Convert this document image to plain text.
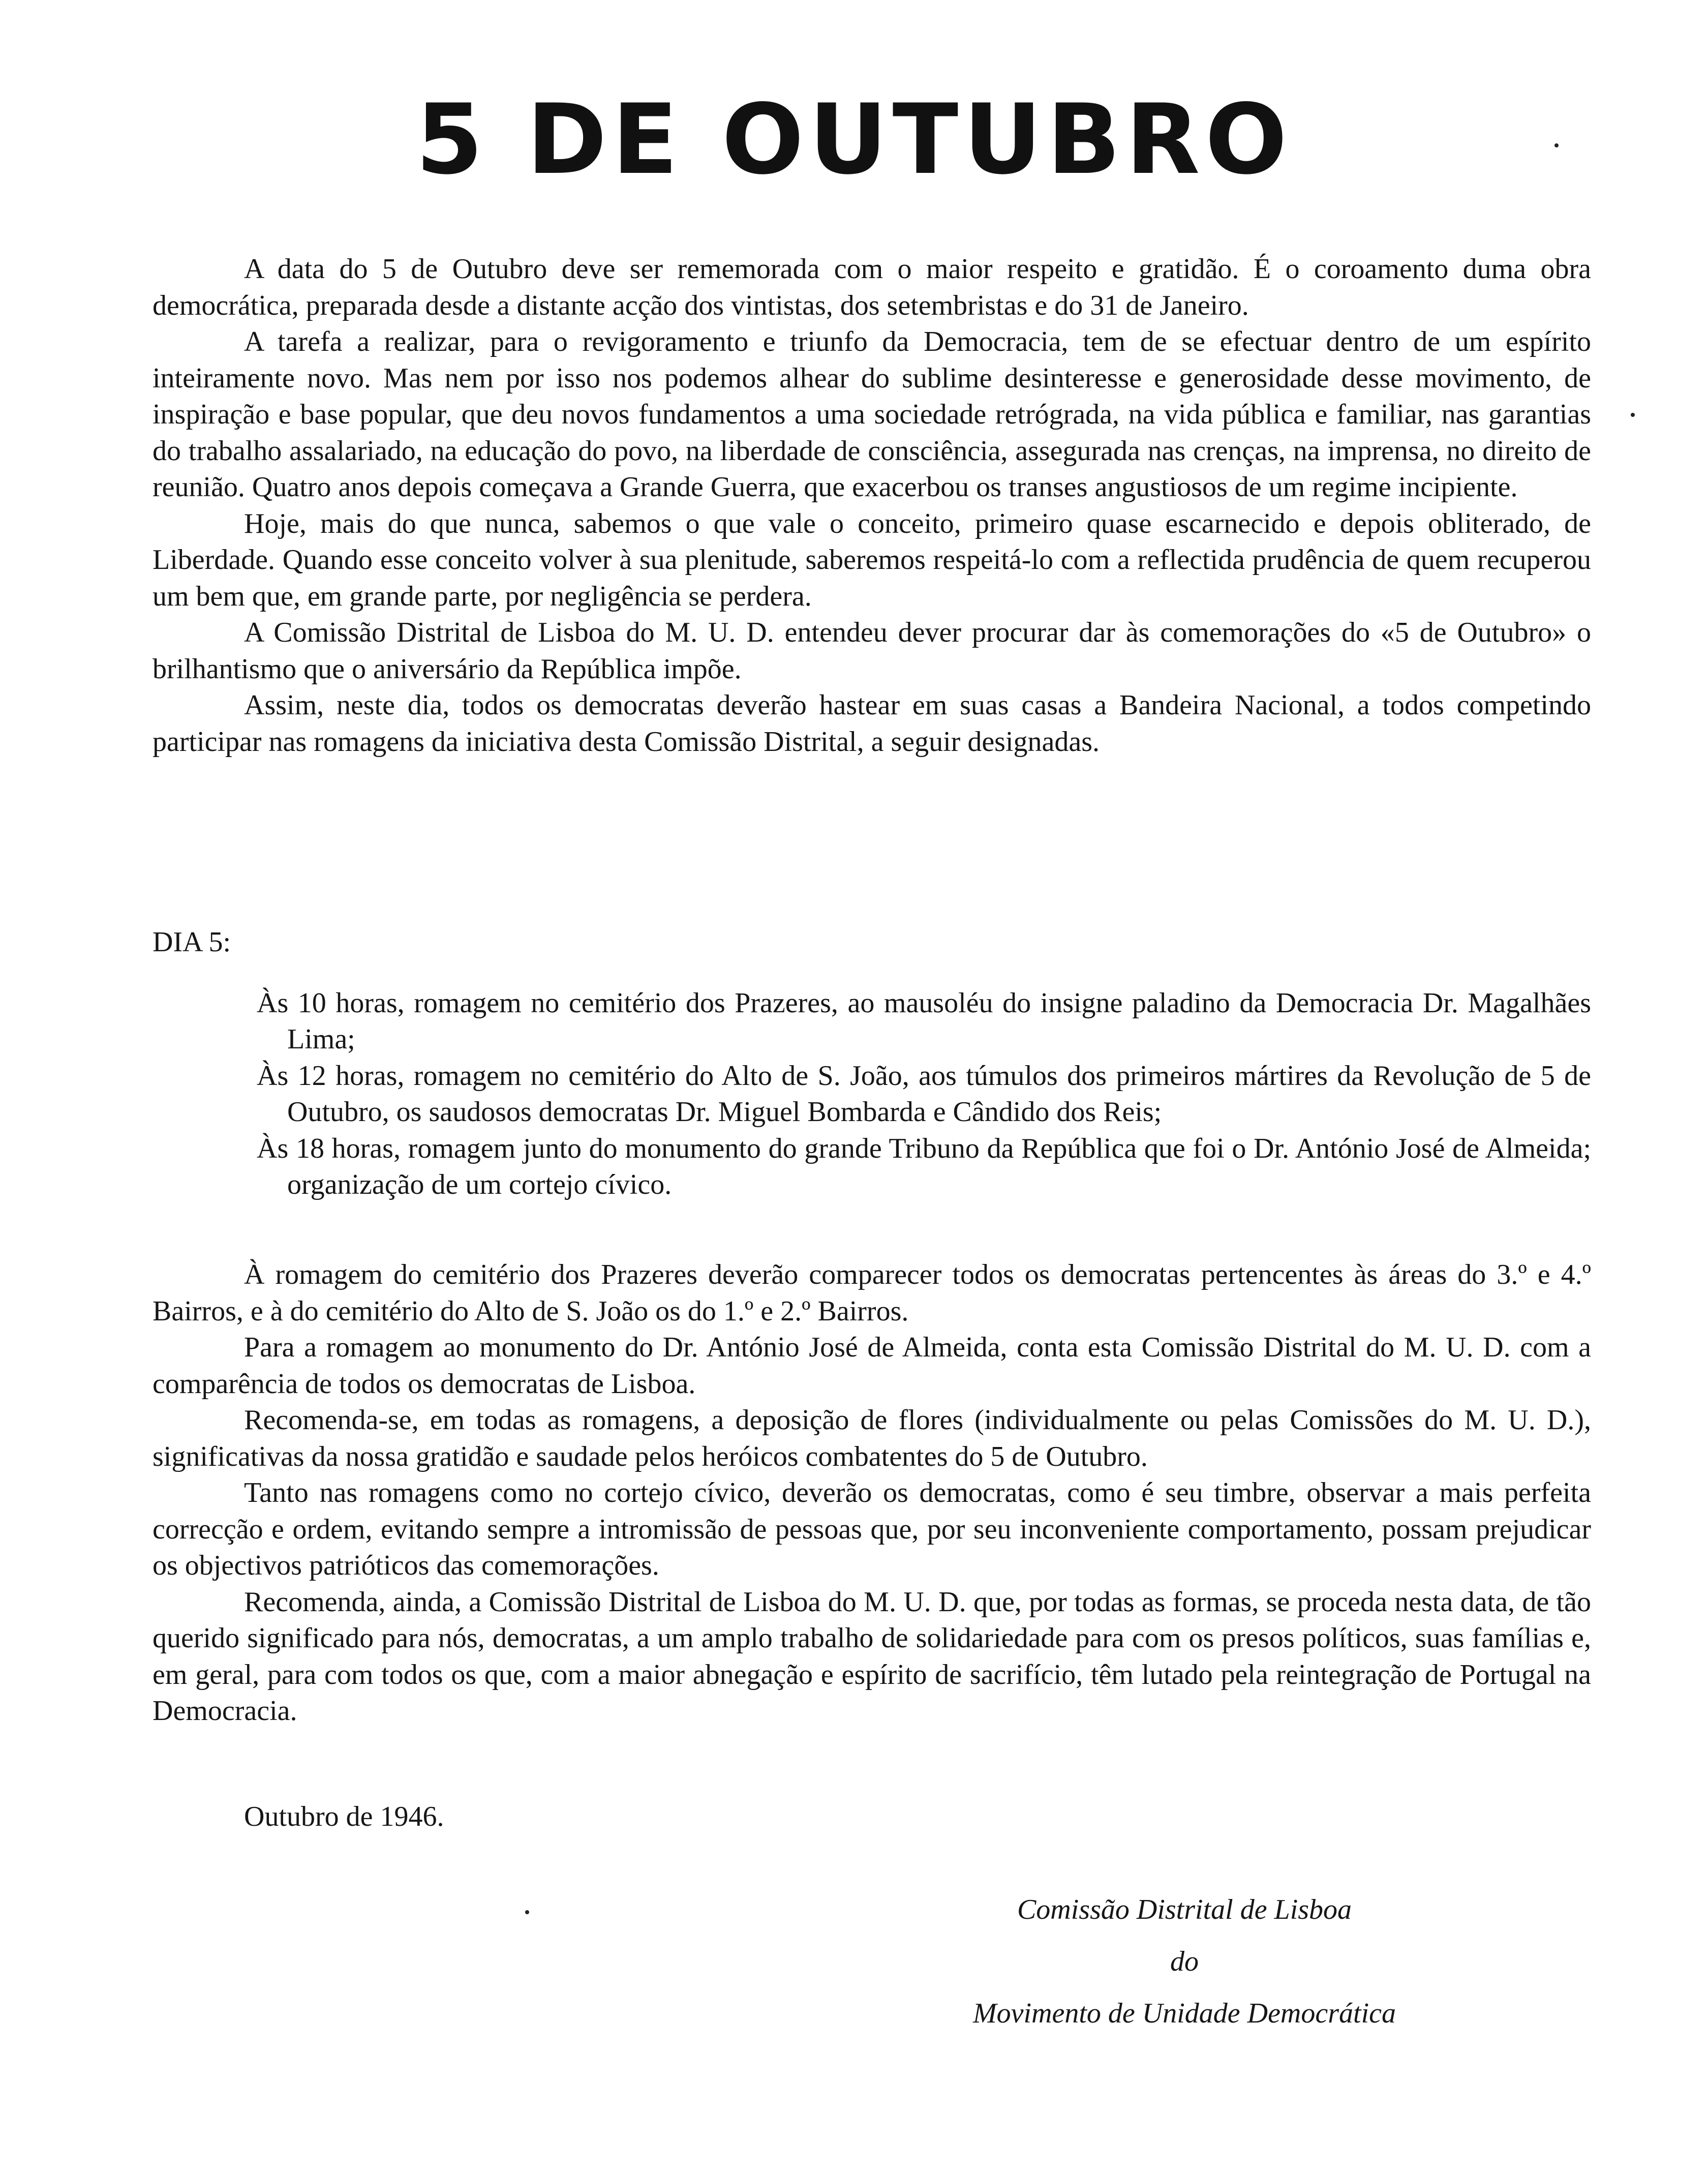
5 DE OUTUBRO

A data do 5 de Outubro deve ser rememorada com o maior respeito e gratidão. É o coroamento duma obra democrática, preparada desde a distante acção dos vintistas, dos setembristas e do 31 de Janeiro.

A tarefa a realizar, para o revigoramento e triunfo da Democracia, tem de se efectuar dentro de um espírito inteiramente novo. Mas nem por isso nos podemos alhear do sublime desinteresse e generosidade desse movimento, de inspiração e base popular, que deu novos fundamentos a uma sociedade retrógrada, na vida pública e familiar, nas garantias do trabalho assalariado, na educação do povo, na liberdade de consciência, assegurada nas crenças, na imprensa, no direito de reunião. Quatro anos depois começava a Grande Guerra, que exacerbou os transes angustiosos de um regime incipiente.

Hoje, mais do que nunca, sabemos o que vale o conceito, primeiro quase escarnecido e depois obliterado, de Liberdade. Quando esse conceito volver à sua plenitude, saberemos respeitá-lo com a reflectida prudência de quem recuperou um bem que, em grande parte, por negligência se perdera.

A Comissão Distrital de Lisboa do M. U. D. entendeu dever procurar dar às comemorações do «5 de Outubro» o brilhantismo que o aniversário da República impõe.

Assim, neste dia, todos os democratas deverão hastear em suas casas a Bandeira Nacional, a todos competindo participar nas romagens da iniciativa desta Comissão Distrital, a seguir designadas.

DIA 5:

Às 10 horas, romagem no cemitério dos Prazeres, ao mausoléu do insigne paladino da Democracia Dr. Magalhães Lima;

Às 12 horas, romagem no cemitério do Alto de S. João, aos túmulos dos primeiros mártires da Revolução de 5 de Outubro, os saudosos democratas Dr. Miguel Bombarda e Cândido dos Reis;

Às 18 horas, romagem junto do monumento do grande Tribuno da República que foi o Dr. António José de Almeida; organização de um cortejo cívico.

À romagem do cemitério dos Prazeres deverão comparecer todos os democratas pertencentes às áreas do 3.º e 4.º Bairros, e à do cemitério do Alto de S. João os do 1.º e 2.º Bairros.

Para a romagem ao monumento do Dr. António José de Almeida, conta esta Comissão Distrital do M. U. D. com a comparência de todos os democratas de Lisboa.

Recomenda-se, em todas as romagens, a deposição de flores (individualmente ou pelas Comissões do M. U. D.), significativas da nossa gratidão e saudade pelos heróicos combatentes do 5 de Outubro.

Tanto nas romagens como no cortejo cívico, deverão os democratas, como é seu timbre, observar a mais perfeita correcção e ordem, evitando sempre a intromissão de pessoas que, por seu inconveniente comportamento, possam prejudicar os objectivos patrióticos das comemorações.

Recomenda, ainda, a Comissão Distrital de Lisboa do M. U. D. que, por todas as formas, se proceda nesta data, de tão querido significado para nós, democratas, a um amplo trabalho de solidariedade para com os presos políticos, suas famílias e, em geral, para com todos os que, com a maior abnegação e espírito de sacrifício, têm lutado pela reintegração de Portugal na Democracia.

Outubro de 1946.
Comissão Distrital de Lisboa
do
Movimento de Unidade Democrática
